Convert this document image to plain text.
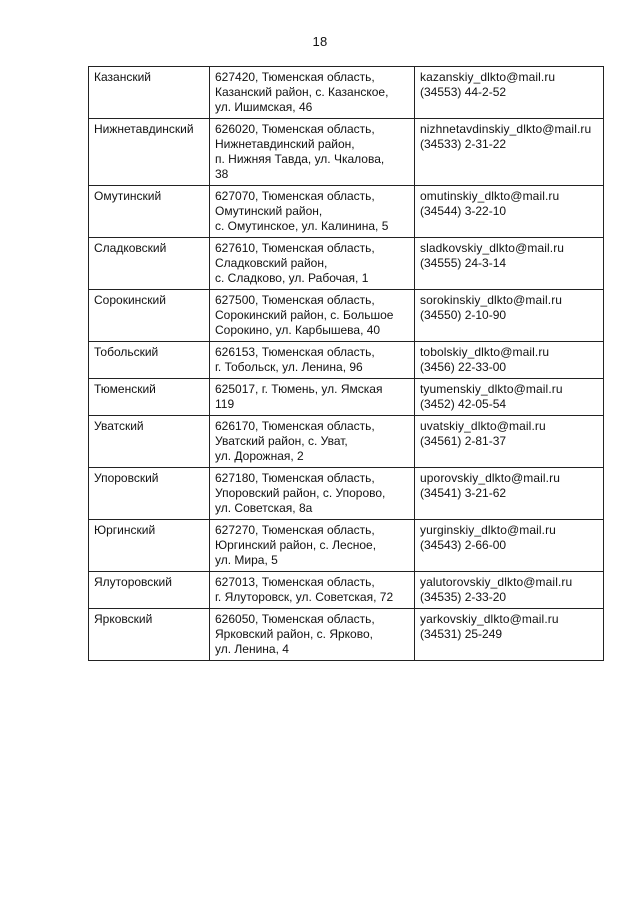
18
Казанский	627420, Тюменская область,
Казанский район, с. Казанское,
ул. Ишимская, 46	kazanskiy_dlkto@mail.ru
(34553) 44-2-52

Нижнетавдинский	626020, Тюменская область,
Нижнетавдинский район,
п. Нижняя Тавда, ул. Чкалова,
38	nizhnetavdinskiy_dlkto@mail.ru
(34533) 2-31-22

Омутинский	627070, Тюменская область,
Омутинский район,
с. Омутинское, ул. Калинина, 5	omutinskiy_dlkto@mail.ru
(34544) 3-22-10

Сладковский	627610, Тюменская область,
Сладковский район,
с. Сладково, ул. Рабочая, 1	sladkovskiy_dlkto@mail.ru
(34555) 24-3-14

Сорокинский	627500, Тюменская область,
Сорокинский район, с. Большое
Сорокино, ул. Карбышева, 40	sorokinskiy_dlkto@mail.ru
(34550) 2-10-90

Тобольский	626153, Тюменская область,
г. Тобольск, ул. Ленина, 96	tobolskiy_dlkto@mail.ru
(3456) 22-33-00

Тюменский	625017, г. Тюмень, ул. Ямская
119	tyumenskiy_dlkto@mail.ru
(3452) 42-05-54

Уватский	626170, Тюменская область,
Уватский район, с. Уват,
ул. Дорожная, 2	uvatskiy_dlkto@mail.ru
(34561) 2-81-37

Упоровский	627180, Тюменская область,
Упоровский район, с. Упорово,
ул. Советская, 8а	uporovskiy_dlkto@mail.ru
(34541) 3-21-62

Юргинский	627270, Тюменская область,
Юргинский район, с. Лесное,
ул. Мира, 5	yurginskiy_dlkto@mail.ru
(34543) 2-66-00

Ялуторовский	627013, Тюменская область,
г. Ялуторовск, ул. Советская, 72	yalutorovskiy_dlkto@mail.ru
(34535) 2-33-20

Ярковский	626050, Тюменская область,
Ярковский район, с. Ярково,
ул. Ленина, 4	yarkovskiy_dlkto@mail.ru
(34531) 25-249
